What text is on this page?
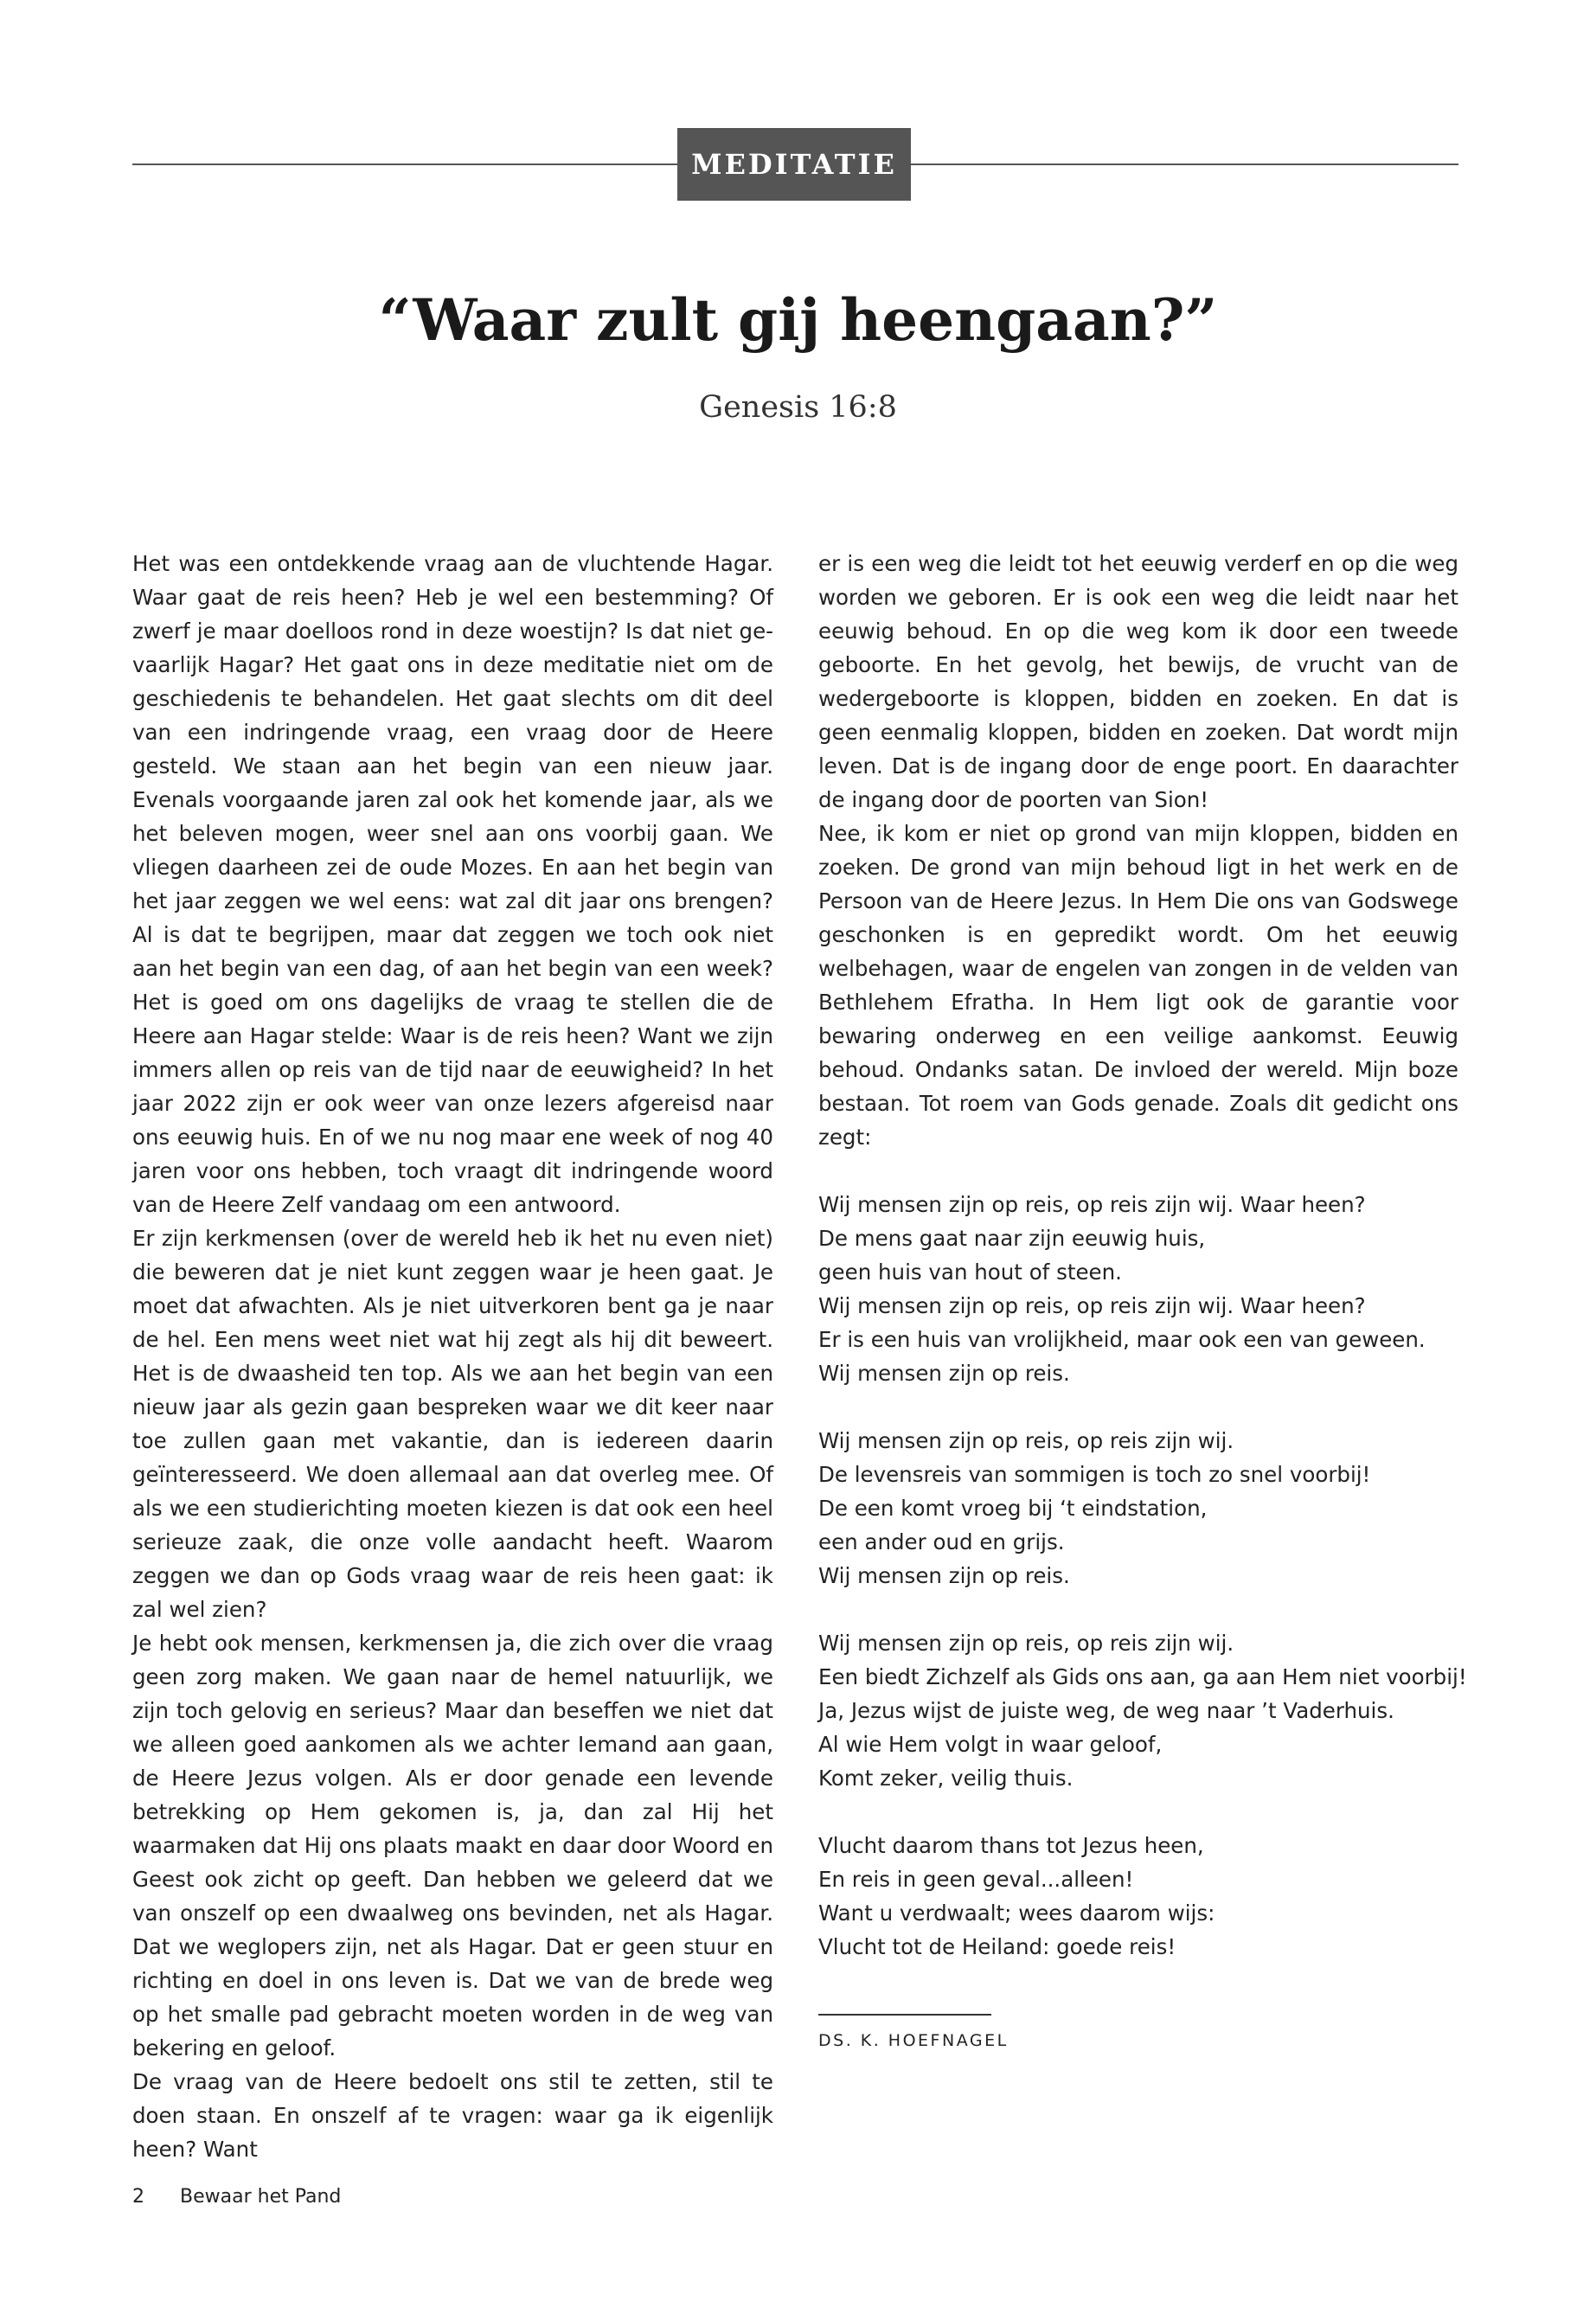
MEDITATIE
“Waar zult gij heengaan?”
Genesis 16:8

Het was een ontdekkende vraag aan de vluchtende Hagar. Waar gaat de reis heen? Heb je wel een bestemming? Of zwerf je maar doelloos rond in deze woestijn? Is dat niet gevaarlijk Hagar? Het gaat ons in deze meditatie niet om de geschiedenis te behandelen. Het gaat slechts om dit deel van een indringende vraag, een vraag door de Heere gesteld. We staan aan het begin van een nieuw jaar. Evenals voorgaande jaren zal ook het komende jaar, als we het beleven mogen, weer snel aan ons voorbij gaan. We vliegen daarheen zei de oude Mozes. En aan het begin van het jaar zeggen we wel eens: wat zal dit jaar ons brengen? Al is dat te begrijpen, maar dat zeggen we toch ook niet aan het begin van een dag, of aan het begin van een week? Het is goed om ons dagelijks de vraag te stellen die de Heere aan Hagar stelde: Waar is de reis heen? Want we zijn immers allen op reis van de tijd naar de eeuwigheid? In het jaar 2022 zijn er ook weer van onze lezers afgereisd naar ons eeuwig huis. En of we nu nog maar ene week of nog 40 jaren voor ons hebben, toch vraagt dit indringende woord van de Heere Zelf vandaag om een antwoord.

Er zijn kerkmensen (over de wereld heb ik het nu even niet) die beweren dat je niet kunt zeggen waar je heen gaat. Je moet dat afwachten. Als je niet uitverkoren bent ga je naar de hel. Een mens weet niet wat hij zegt als hij dit beweert. Het is de dwaasheid ten top. Als we aan het begin van een nieuw jaar als gezin gaan bespreken waar we dit keer naar toe zullen gaan met vakantie, dan is iedereen daarin geïnteresseerd. We doen allemaal aan dat overleg mee. Of als we een studierichting moeten kiezen is dat ook een heel serieuze zaak, die onze volle aandacht heeft. Waarom zeggen we dan op Gods vraag waar de reis heen gaat: ik zal wel zien?

Je hebt ook mensen, kerkmensen ja, die zich over die vraag geen zorg maken. We gaan naar de hemel natuurlijk, we zijn toch gelovig en serieus? Maar dan beseffen we niet dat we alleen goed aankomen als we achter Iemand aan gaan, de Heere Jezus volgen. Als er door genade een levende betrekking op Hem gekomen is, ja, dan zal Hij het waarmaken dat Hij ons plaats maakt en daar door Woord en Geest ook zicht op geeft. Dan hebben we geleerd dat we van onszelf op een dwaalweg ons bevinden, net als Hagar. Dat we weglopers zijn, net als Hagar. Dat er geen stuur en richting en doel in ons leven is. Dat we van de brede weg op het smalle pad gebracht moeten worden in de weg van bekering en geloof.

De vraag van de Heere bedoelt ons stil te zetten, stil te doen staan. En onszelf af te vragen: waar ga ik eigenlijk heen? Want

er is een weg die leidt tot het eeuwig verderf en op die weg worden we geboren. Er is ook een weg die leidt naar het eeuwig behoud. En op die weg kom ik door een tweede geboorte. En het gevolg, het bewijs, de vrucht van de wedergeboorte is kloppen, bidden en zoeken. En dat is geen eenmalig kloppen, bidden en zoeken. Dat wordt mijn leven. Dat is de ingang door de enge poort. En daarachter de ingang door de poorten van Sion!

Nee, ik kom er niet op grond van mijn kloppen, bidden en zoeken. De grond van mijn behoud ligt in het werk en de Persoon van de Heere Jezus. In Hem Die ons van Godswege geschonken is en gepredikt wordt. Om het eeuwig welbehagen, waar de engelen van zongen in de velden van Bethlehem Efratha. In Hem ligt ook de garantie voor bewaring onderweg en een veilige aankomst. Eeuwig behoud. Ondanks satan. De invloed der wereld. Mijn boze bestaan. Tot roem van Gods genade. Zoals dit gedicht ons zegt:

Wij mensen zijn op reis, op reis zijn wij. Waar heen?
De mens gaat naar zijn eeuwig huis,
geen huis van hout of steen.
Wij mensen zijn op reis, op reis zijn wij. Waar heen?
Er is een huis van vrolijkheid, maar ook een van geween.
Wij mensen zijn op reis.
Wij mensen zijn op reis, op reis zijn wij.
De levensreis van sommigen is toch zo snel voorbij!
De een komt vroeg bij ‘t eindstation,
een ander oud en grijs.
Wij mensen zijn op reis.
Wij mensen zijn op reis, op reis zijn wij.
Een biedt Zichzelf als Gids ons aan, ga aan Hem niet voorbij!
Ja, Jezus wijst de juiste weg, de weg naar ’t Vaderhuis.
Al wie Hem volgt in waar geloof,
Komt zeker, veilig thuis.
Vlucht daarom thans tot Jezus heen,
En reis in geen geval...alleen!
Want u verdwaalt; wees daarom wijs:
Vlucht tot de Heiland: goede reis!
DS. K. HOEFNAGEL
2 Bewaar het Pand
